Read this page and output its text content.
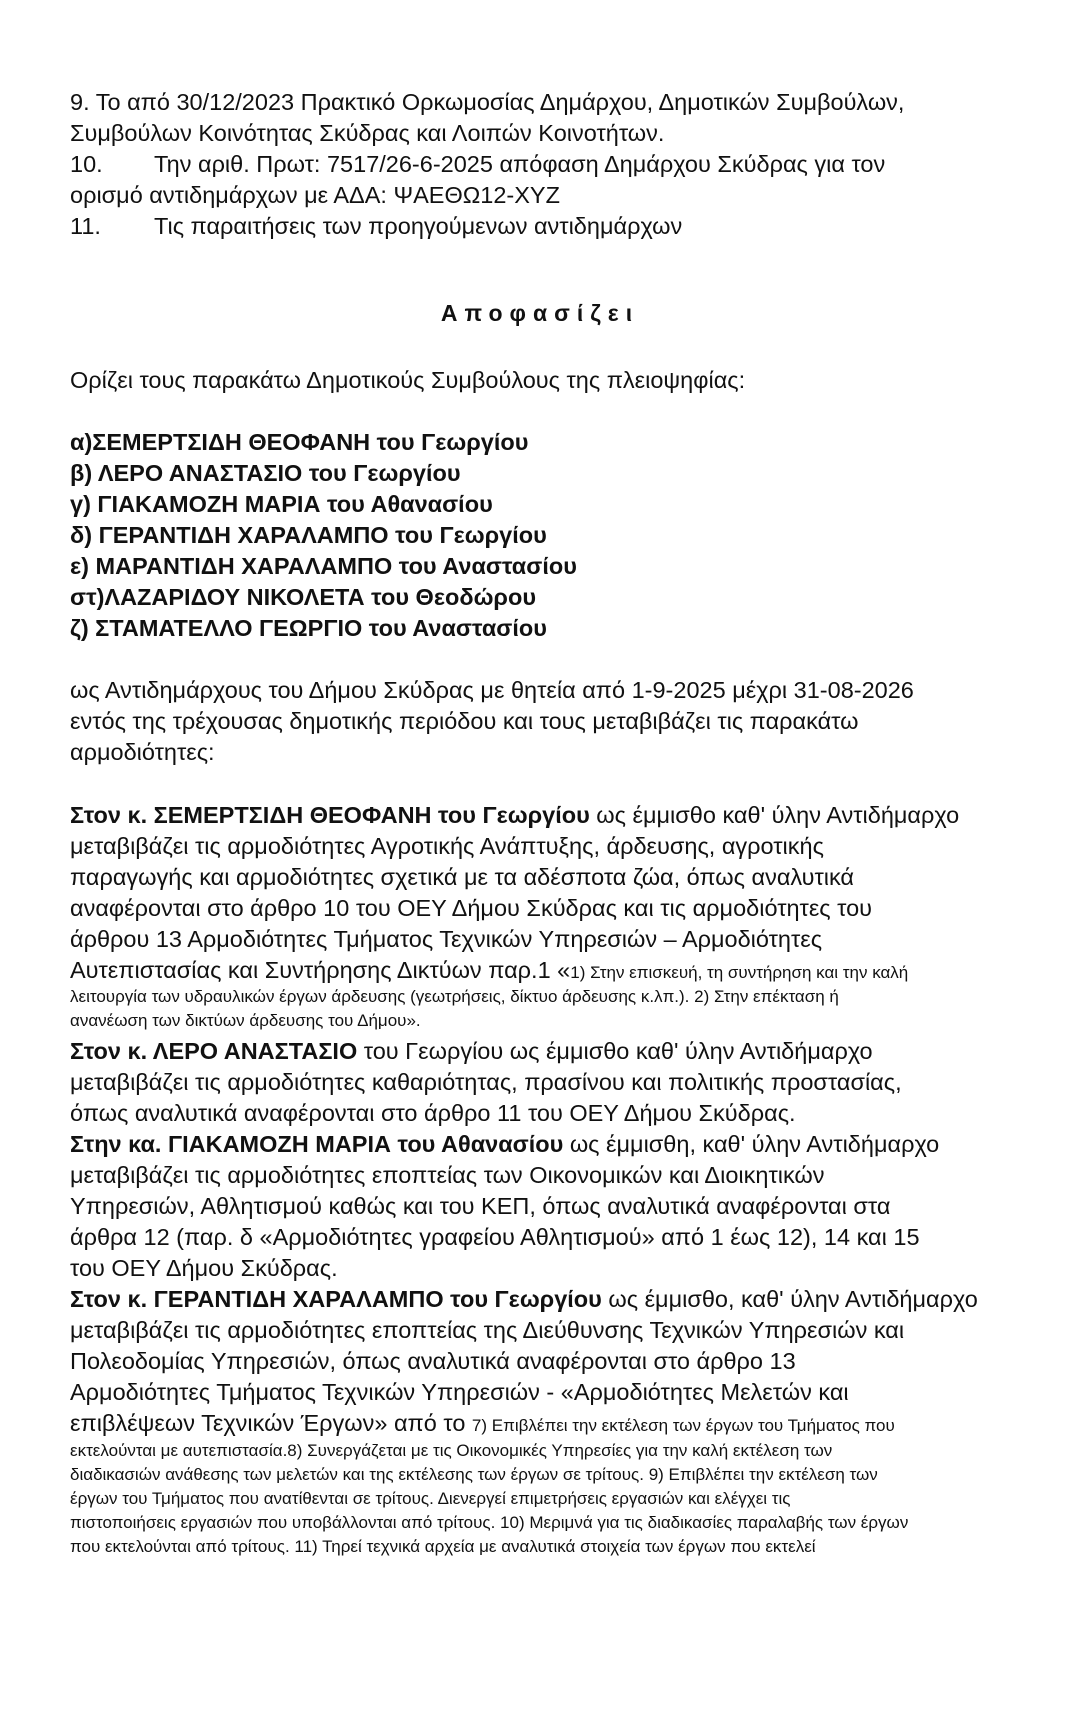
9. Το από 30/12/2023 Πρακτικό Ορκωμοσίας Δημάρχου, Δημοτικών Συμβούλων,
Συμβούλων Κοινότητας Σκύδρας και Λοιπών Κοινοτήτων.
10. Την αριθ. Πρωτ: 7517/26-6-2025 απόφαση Δημάρχου Σκύδρας για τον
ορισμό αντιδημάρχων με ΑΔΑ: ΨΑΕΘΩ12-ΧΥΖ
11. Τις παραιτήσεις των προηγούμενων αντιδημάρχων
Αποφασίζει
Ορίζει τους παρακάτω Δημοτικούς Συμβούλους της πλειοψηφίας:
α)ΣΕΜΕΡΤΣΙΔΗ ΘΕΟΦΑΝΗ του Γεωργίου
β) ΛΕΡΟ ΑΝΑΣΤΑΣΙΟ του Γεωργίου
γ) ΓΙΑΚΑΜΟΖΗ ΜΑΡΙΑ του Αθανασίου
δ) ΓΕΡΑΝΤΙΔΗ ΧΑΡΑΛΑΜΠΟ του Γεωργίου
ε) ΜΑΡΑΝΤΙΔΗ ΧΑΡΑΛΑΜΠΟ του Αναστασίου
στ)ΛΑΖΑΡΙΔΟΥ ΝΙΚΟΛΕΤΑ του Θεοδώρου
ζ) ΣΤΑΜΑΤΕΛΛΟ ΓΕΩΡΓΙΟ του Αναστασίου
ως Αντιδημάρχους του Δήμου Σκύδρας με θητεία από 1-9-2025 μέχρι 31-08-2026
εντός της τρέχουσας δημοτικής περιόδου και τους μεταβιβάζει τις παρακάτω
αρμοδιότητες:
Στον κ. ΣΕΜΕΡΤΣΙΔΗ ΘΕΟΦΑΝΗ του Γεωργίου ως έμμισθο καθ' ύλην Αντιδήμαρχο
μεταβιβάζει τις αρμοδιότητες Αγροτικής Ανάπτυξης, άρδευσης, αγροτικής
παραγωγής και αρμοδιότητες σχετικά με τα αδέσποτα ζώα, όπως αναλυτικά
αναφέρονται στο άρθρο 10 του ΟΕΥ Δήμου Σκύδρας και τις αρμοδιότητες του
άρθρου 13 Αρμοδιότητες Τμήματος Τεχνικών Υπηρεσιών – Αρμοδιότητες
Αυτεπιστασίας και Συντήρησης Δικτύων παρ.1 «1) Στην επισκευή, τη συντήρηση και την καλή
λειτουργία των υδραυλικών έργων άρδευσης (γεωτρήσεις, δίκτυο άρδευσης κ.λπ.). 2) Στην επέκταση ή
ανανέωση των δικτύων άρδευσης του Δήμου».
Στον κ. ΛΕΡΟ ΑΝΑΣΤΑΣΙΟ του Γεωργίου ως έμμισθο καθ' ύλην Αντιδήμαρχο
μεταβιβάζει τις αρμοδιότητες καθαριότητας, πρασίνου και πολιτικής προστασίας,
όπως αναλυτικά αναφέρονται στο άρθρο 11 του ΟΕΥ Δήμου Σκύδρας.
Στην κα. ΓΙΑΚΑΜΟΖΗ ΜΑΡΙΑ του Αθανασίου ως έμμισθη, καθ' ύλην Αντιδήμαρχο
μεταβιβάζει τις αρμοδιότητες εποπτείας των Οικονομικών και Διοικητικών
Υπηρεσιών, Αθλητισμού καθώς και του ΚΕΠ, όπως αναλυτικά αναφέρονται στα
άρθρα 12 (παρ. δ «Αρμοδιότητες γραφείου Αθλητισμού» από 1 έως 12), 14 και 15
του ΟΕΥ Δήμου Σκύδρας.
Στον κ. ΓΕΡΑΝΤΙΔΗ ΧΑΡΑΛΑΜΠΟ του Γεωργίου ως έμμισθο, καθ' ύλην Αντιδήμαρχο
μεταβιβάζει τις αρμοδιότητες εποπτείας της Διεύθυνσης Τεχνικών Υπηρεσιών και
Πολεοδομίας Υπηρεσιών, όπως αναλυτικά αναφέρονται στο άρθρο 13
Αρμοδιότητες Τμήματος Τεχνικών Υπηρεσιών - «Αρμοδιότητες Μελετών και
επιβλέψεων Τεχνικών Έργων» από το 7) Επιβλέπει την εκτέλεση των έργων του Τμήματος που
εκτελούνται με αυτεπιστασία.8) Συνεργάζεται με τις Οικονομικές Υπηρεσίες για την καλή εκτέλεση των
διαδικασιών ανάθεσης των μελετών και της εκτέλεσης των έργων σε τρίτους. 9) Επιβλέπει την εκτέλεση των
έργων του Τμήματος που ανατίθενται σε τρίτους. Διενεργεί επιμετρήσεις εργασιών και ελέγχει τις
πιστοποιήσεις εργασιών που υποβάλλονται από τρίτους. 10) Μεριμνά για τις διαδικασίες παραλαβής των έργων
που εκτελούνται από τρίτους. 11) Τηρεί τεχνικά αρχεία με αναλυτικά στοιχεία των έργων που εκτελεί
